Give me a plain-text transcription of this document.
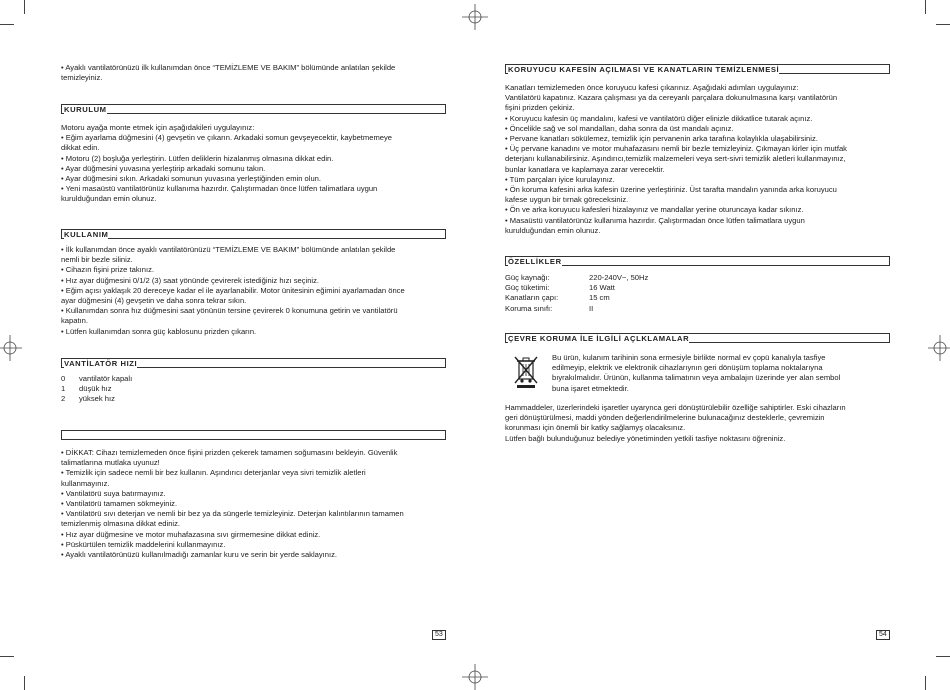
• Ayaklı vantilatörünüzü ilk kullanımdan önce “TEMİZLEME VE BAKIM” bölümünde anlatılan şekilde
temizleyiniz.
KURULUM
Motoru ayağa monte etmek için aşağıdakileri uygulayınız:
• Eğim ayarlama düğmesini (4) gevşetin ve çıkarın. Arkadaki somun gevşeyecektir, kaybetmemeye
dikkat edin.
• Motoru (2) boşluğa yerleştirin. Lütfen deliklerin hizalanmış olmasına dikkat edin.
• Ayar düğmesini yuvasına yerleştirip arkadaki somunu takın.
• Ayar düğmesini sıkın. Arkadaki somunun yuvasına yerleştiğinden emin olun.
• Yeni masaüstü vantilatörünüz kullanıma hazırdır. Çalıştırmadan önce lütfen talimatlara uygun
kurulduğundan emin olunuz.
KULLANIM
• İlk kullanımdan önce ayaklı vantilatörünüzü “TEMİZLEME VE BAKIM” bölümünde anlatılan şekilde
nemli bir bezle siliniz.
• Cihazın fişini prize takınız.
• Hız ayar düğmesini 0/1/2 (3) saat yönünde çevirerek istediğiniz hızı seçiniz.
• Eğim açısı yaklaşık 20 dereceye kadar el ile ayarlanabilir. Motor ünitesinin eğimini ayarlamadan önce
ayar düğmesini (4) gevşetin ve daha sonra tekrar sıkın.
• Kullanımdan sonra hız düğmesini saat yönünün tersine çevirerek 0 konumuna getirin ve vantilatörü
kapatın.
• Lütfen kullanımdan sonra güç kablosunu prizden çıkarın.
VANTİLATÖR HIZI
0	vantilatör kapalı
1	düşük hız
2	yüksek hız
• DİKKAT: Cihazı temizlemeden önce fişini prizden çekerek tamamen soğumasını bekleyin. Güvenlik
talimatlarına mutlaka uyunuz!
• Temizlik için sadece nemli bir bez kullanın. Aşındırıcı deterjanlar veya sivri temizlik aletleri
kullanmayınız.
• Vantilatörü suya batırmayınız.
• Vantilatörü tamamen sökmeyiniz.
• Vantilatörü sıvı deterjan ve nemli bir bez ya da süngerle temizleyiniz. Deterjan kalıntılarının tamamen
temizlenmiş olmasına dikkat ediniz.
• Hız ayar düğmesine ve motor muhafazasına sıvı girmemesine dikkat ediniz.
• Püskürtülen temizlik maddelerini kullanmayınız.
• Ayaklı vantilatörünüzü kullanılmadığı zamanlar kuru ve serin bir yerde saklayınız.
53
KORUYUCU KAFESİN AÇILMASI VE KANATLARIN TEMİZLENMESİ
Kanatları temizlemeden önce koruyucu kafesi çıkarınız. Aşağıdaki adımları uygulayınız:
Vantilatörü kapatınız. Kazara çalışması ya da cereyanlı parçalara dokunulmasına karşı vantilatörün
fişini prizden çekiniz.
• Koruyucu kafesin üç mandalını, kafesi ve vantilatörü diğer elinizle dikkatlice tutarak açınız.
• Öncelikle sağ ve sol mandalları, daha sonra da üst mandalı açınız.
• Pervane kanatları sökülemez, temizlik için pervanenin arka tarafına kolaylıkla ulaşabilirsiniz.
• Üç pervane kanadını ve motor muhafazasını nemli bir bezle temizleyiniz. Çıkmayan kirler için mutfak
deterjanı kullanabilirsiniz. Aşındırıcı,temizlik malzemeleri veya sert-sivri temizlik aletleri kullanmayınız,
bunlar kanatlara ve kaplamaya zarar verecektir.
• Tüm parçaları iyice kurulayınız.
• Ön koruma kafesini arka kafesin üzerine yerleştiriniz. Üst tarafta mandalın yanında arka koruyucu
kafese uygun bir tırnak göreceksiniz.
• Ön ve arka koruyucu kafesleri hizalayınız ve mandallar yerine oturuncaya kadar sıkınız.
• Masaüstü vantilatörünüz kullanıma hazırdır. Çalıştırmadan önce lütfen talimatlara uygun
kurulduğundan emin olunuz.
ÖZELLİKLER
Güç kaynağı:	220-240V~, 50Hz
Güç tüketimi:	16 Watt
Kanatların çapı:	15 cm
Koruma sınıfı:	II
ÇEVRE KORUMA İLE İLGİLİ AÇLKLAMALAR
Bu ürün, kulanım tarihinin sona ermesiyle birlikte normal ev çopü kanalıyla tasfiye
edilmeyip, elektrik ve elektronik cihazlarıynın geri dönüşüm toplama noktalarıyna
bıyrakılmalıdır. Ürünün, kullanma talimatının veya ambalajın üzerinde yer alan sembol
buna işaret etmektedir.
Hammaddeler, üzerlerindeki işaretler uyarynca geri dönüştürülebilir özelliğe sahiptirler. Eski cihazların
geri dönüştürülmesi, maddi yönden değerlendirilmelerine bulunacağınız desteklerle, çevremizin
korunması için önemli bir katky sağlamyş olacaksınız.
Lütfen bağlı bulunduğunuz belediye yönetiminden yetkili tasfiye noktasını öğreniniz.
54
